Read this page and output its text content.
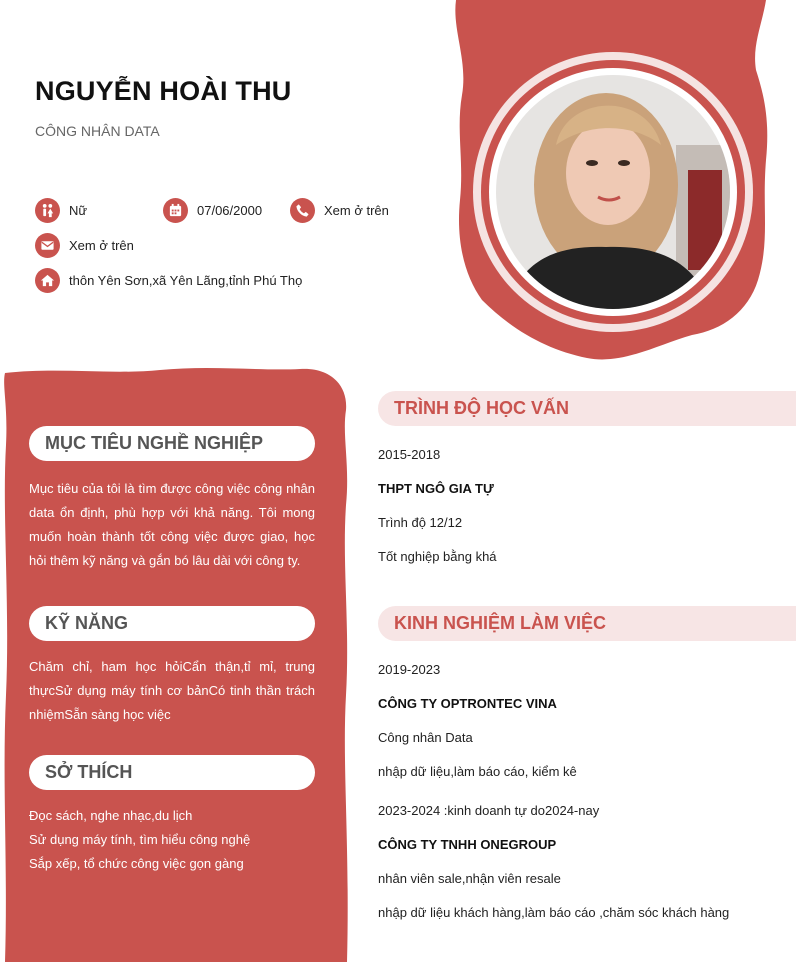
NGUYỄN HOÀI THU
CÔNG NHÂN DATA
Nữ	07/06/2000	Xem ở trên
Xem ở trên
thôn Yên Sơn,xã Yên Lãng,tỉnh Phú Thọ
MỤC TIÊU NGHỀ NGHIỆP
Mục tiêu của tôi là tìm được công việc công nhân data ổn định, phù hợp với khả năng. Tôi mong muốn hoàn thành tốt công việc được giao, học hỏi thêm kỹ năng và gắn bó lâu dài với công ty.
KỸ NĂNG
Chăm chỉ, ham học hỏiCẩn thận,tỉ mỉ, trung thựcSử dụng máy tính cơ bảnCó tinh thần trách nhiệmSẵn sàng học việc
SỞ THÍCH
Đọc sách, nghe nhạc,du lịch
Sử dụng máy tính, tìm hiểu công nghệ
Sắp xếp, tổ chức công việc gọn gàng
TRÌNH ĐỘ HỌC VẤN
2015-2018
THPT NGÔ GIA TỰ
Trình độ 12/12
Tốt nghiệp bằng khá
KINH NGHIỆM LÀM VIỆC
2019-2023
CÔNG TY OPTRONTEC VINA
Công nhân Data
nhập dữ liệu,làm báo cáo, kiểm kê
2023-2024 :kinh doanh tự do2024-nay
CÔNG TY TNHH ONEGROUP
nhân viên sale,nhận viên resale
nhập dữ liệu khách hàng,làm báo cáo ,chăm sóc khách hàng
